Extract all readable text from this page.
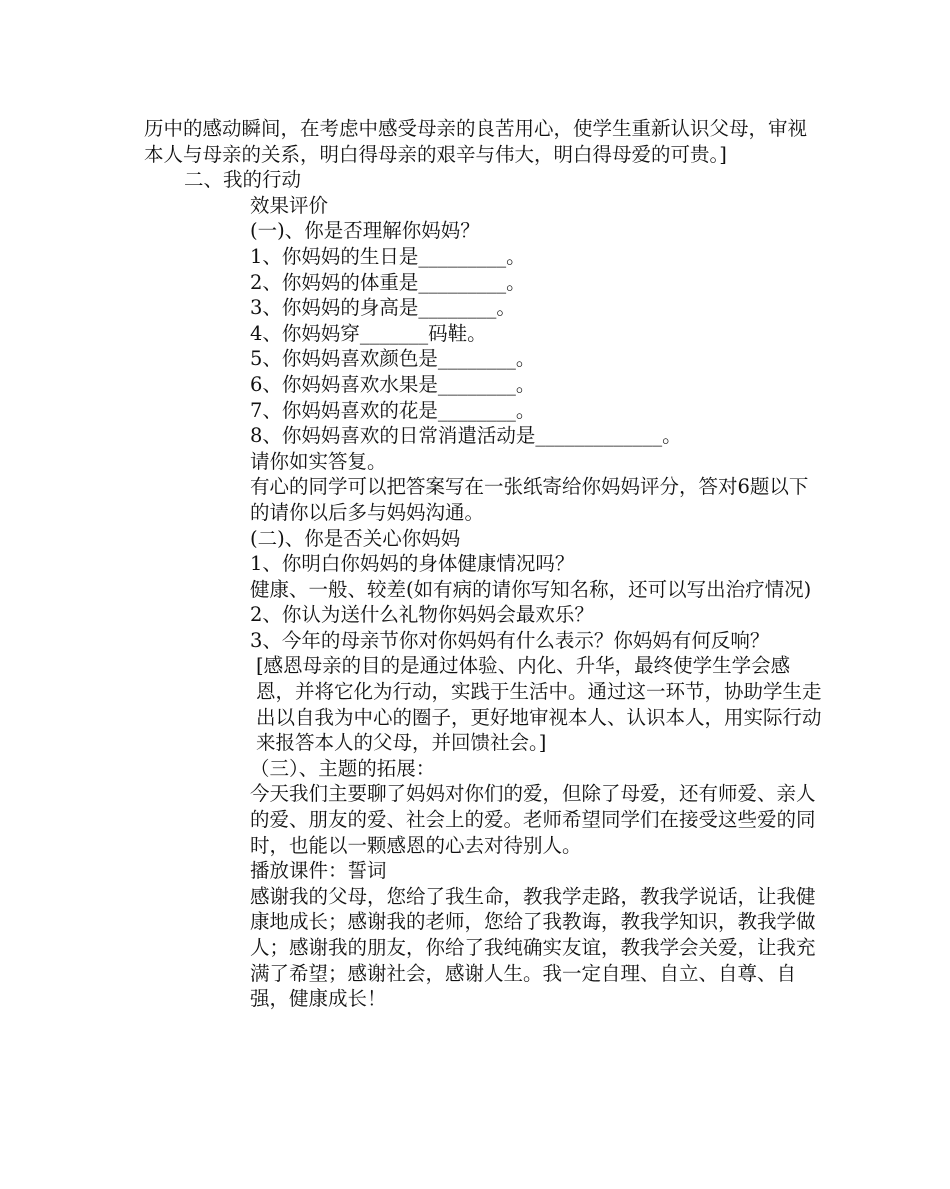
历中的感动瞬间，在考虑中感受母亲的良苦用心，使学生重新认识父母，审视本人与母亲的关系，明白得母亲的艰辛与伟大，明白得母爱的可贵。]

二、我的行动

效果评价

(一)、你是否理解你妈妈？

1、你妈妈的生日是_________。

2、你妈妈的体重是_________。

3、你妈妈的身高是________。

4、你妈妈穿_______码鞋。

5、你妈妈喜欢颜色是________。

6、你妈妈喜欢水果是________。

7、你妈妈喜欢的花是________。

8、你妈妈喜欢的日常消遣活动是_____________。

请你如实答复。

有心的同学可以把答案写在一张纸寄给你妈妈评分，答对6题以下的请你以后多与妈妈沟通。

(二)、你是否关心你妈妈

1、你明白你妈妈的身体健康情况吗？

健康、一般、较差(如有病的请你写知名称，还可以写出治疗情况)

2、你认为送什么礼物你妈妈会最欢乐？

3、今年的母亲节你对你妈妈有什么表示？你妈妈有何反响？

[感恩母亲的目的是通过体验、内化、升华，最终使学生学会感恩，并将它化为行动，实践于生活中。通过这一环节，协助学生走出以自我为中心的圈子，更好地审视本人、认识本人，用实际行动来报答本人的父母，并回馈社会。]

（三）、主题的拓展：

今天我们主要聊了妈妈对你们的爱，但除了母爱，还有师爱、亲人的爱、朋友的爱、社会上的爱。老师希望同学们在接受这些爱的同时，也能以一颗感恩的心去对待别人。

播放课件：誓词

感谢我的父母，您给了我生命，教我学走路，教我学说话，让我健康地成长；感谢我的老师，您给了我教诲，教我学知识，教我学做人；感谢我的朋友，你给了我纯确实友谊，教我学会关爱，让我充满了希望；感谢社会，感谢人生。我一定自理、自立、自尊、自强，健康成长！
